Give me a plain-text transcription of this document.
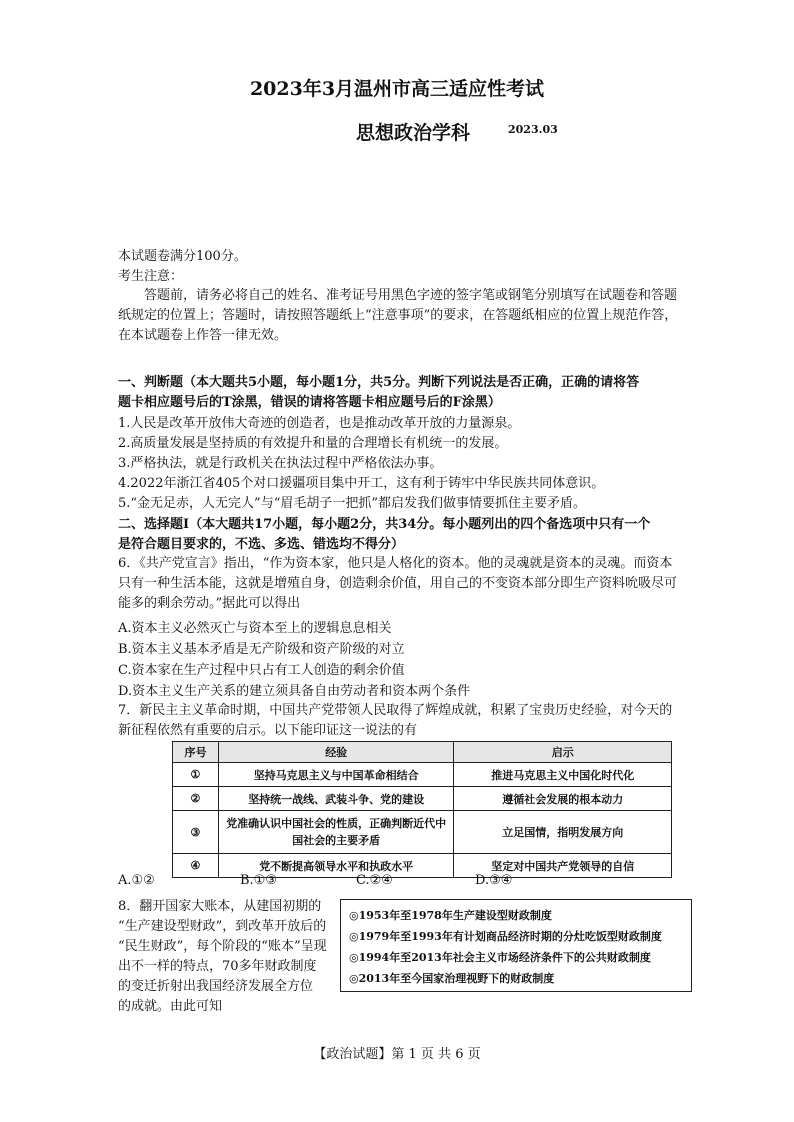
2023年3月温州市高三适应性考试
思想政治学科	2023.03
本试题卷满分100分。
考生注意：
答题前，请务必将自己的姓名、准考证号用黑色字迹的签字笔或钢笔分别填写在试题卷和答题纸规定的位置上；答题时，请按照答题纸上“注意事项”的要求，在答题纸相应的位置上规范作答，在本试题卷上作答一律无效。
一、判断题（本大题共5小题，每小题1分，共5分。判断下列说法是否正确，正确的请将答
题卡相应题号后的T涂黑，错误的请将答题卡相应题号后的F涂黑）
1.人民是改革开放伟大奇迹的创造者，也是推动改革开放的力量源泉。
2.高质量发展是坚持质的有效提升和量的合理增长有机统一的发展。
3.严格执法，就是行政机关在执法过程中严格依法办事。
4.2022年浙江省405个对口援疆项目集中开工，这有利于铸牢中华民族共同体意识。
5.“金无足赤，人无完人”与“眉毛胡子一把抓”都启发我们做事情要抓住主要矛盾。
二、选择题Ⅰ（本大题共17小题，每小题2分，共34分。每小题列出的四个备选项中只有一个
是符合题目要求的，不选、多选、错选均不得分）
6．《共产党宣言》指出，“作为资本家，他只是人格化的资本。他的灵魂就是资本的灵魂。而资本只有一种生活本能，这就是增殖自身，创造剩余价值，用自己的不变资本部分即生产资料吮吸尽可能多的剩余劳动。”据此可以得出
A.资本主义必然灭亡与资本至上的逻辑息息相关
B.资本主义基本矛盾是无产阶级和资产阶级的对立
C.资本家在生产过程中只占有工人创造的剩余价值
D.资本主义生产关系的建立须具备自由劳动者和资本两个条件
7．新民主主义革命时期，中国共产党带领人民取得了辉煌成就，积累了宝贵历史经验，对今天的新征程依然有重要的启示。以下能印证这一说法的有
序号	经验	启示
①	坚持马克思主义与中国革命相结合	推进马克思主义中国化时代化
②	坚持统一战线、武装斗争、党的建设	遵循社会发展的根本动力
③	党准确认识中国社会的性质，正确判断近代中国社会的主要矛盾	立足国情，指明发展方向
④	党不断提高领导水平和执政水平	坚定对中国共产党领导的自信
A.①②	B.①③	C.②④	D.③④
8．翻开国家大账本，从建国初期的
“生产建设型财政”，到改革开放后的
“民生财政”，每个阶段的“账本”呈现
出不一样的特点，70多年财政制度
的变迁折射出我国经济发展全方位
的成就。由此可知
◎1953年至1978年生产建设型财政制度
◎1979年至1993年有计划商品经济时期的分灶吃饭型财政制度
◎1994年至2013年社会主义市场经济条件下的公共财政制度
◎2013年至今国家治理视野下的财政制度
【政治试题】第 1 页 共 6 页
